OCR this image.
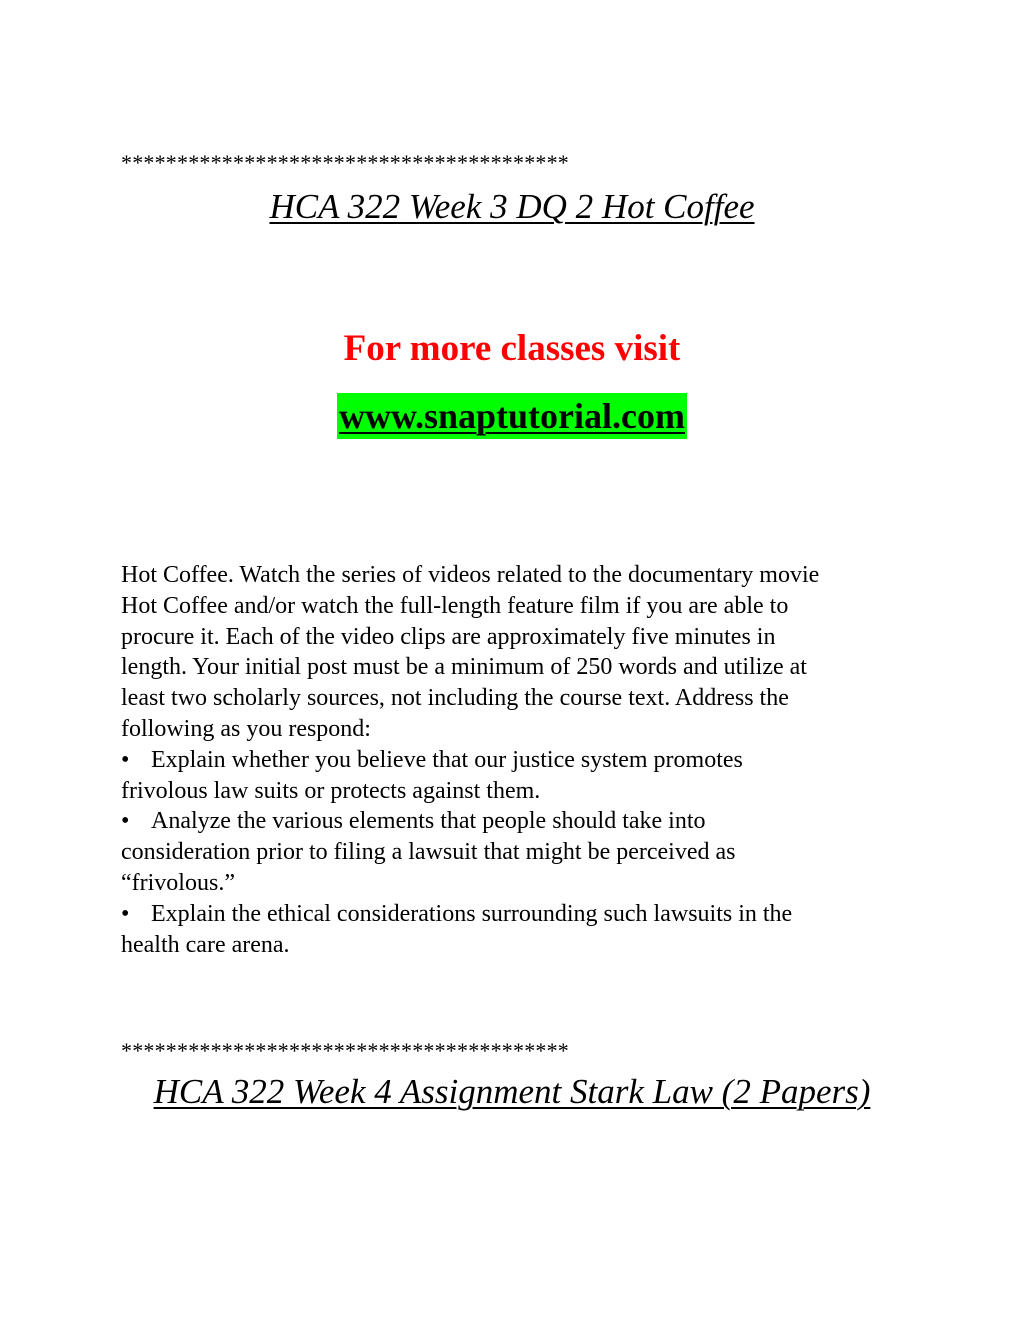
****************************************
HCA 322 Week 3 DQ 2 Hot Coffee
For more classes visit
www.snaptutorial.com

Hot Coffee. Watch the series of videos related to the documentary movie

Hot Coffee and/or watch the full-length feature film if you are able to

procure it. Each of the video clips are approximately five minutes in

length. Your initial post must be a minimum of 250 words and utilize at

least two scholarly sources, not including the course text. Address the

following as you respond:

• Explain whether you believe that our justice system promotes

frivolous law suits or protects against them.

• Analyze the various elements that people should take into

consideration prior to filing a lawsuit that might be perceived as

“frivolous.”

• Explain the ethical considerations surrounding such lawsuits in the

health care arena.

****************************************
HCA 322 Week 4 Assignment Stark Law (2 Papers)
